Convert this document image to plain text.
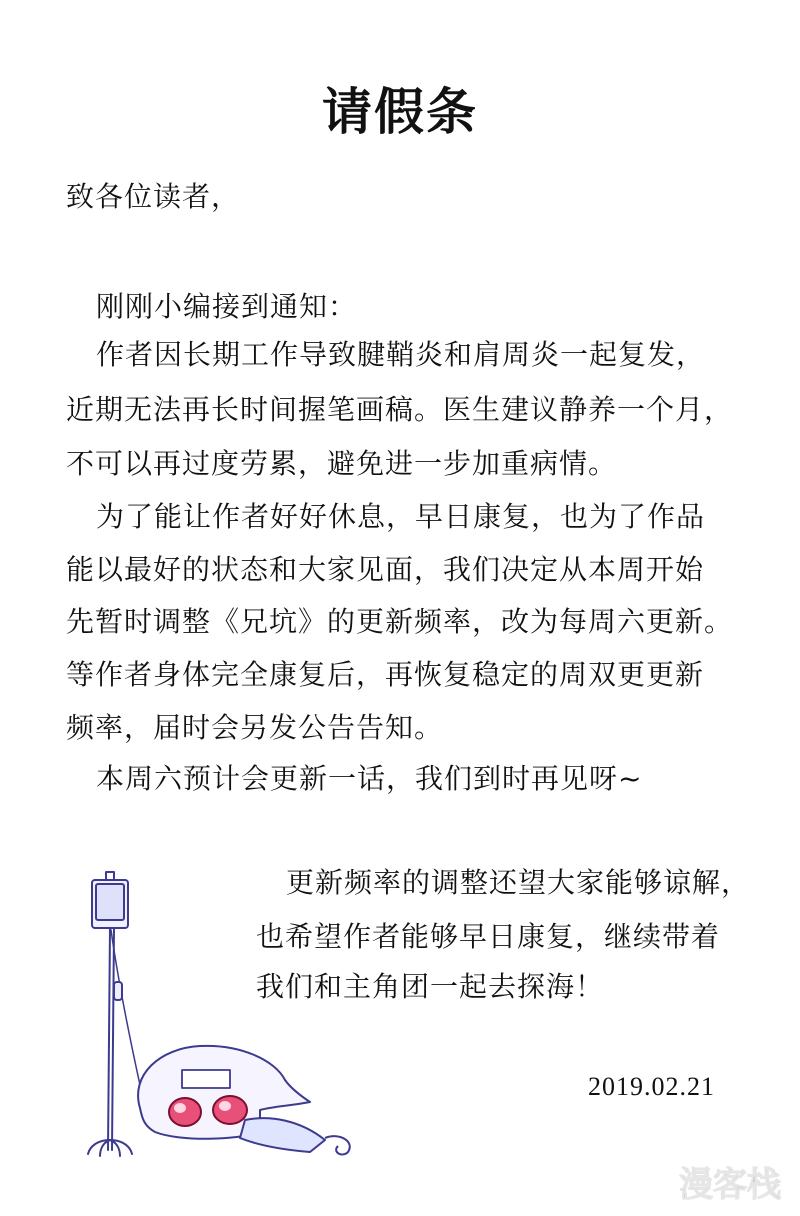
请假条
致各位读者，
刚刚小编接到通知：
作者因长期工作导致腱鞘炎和肩周炎一起复发，
近期无法再长时间握笔画稿。医生建议静养一个月，
不可以再过度劳累，避免进一步加重病情。
为了能让作者好好休息，早日康复，也为了作品
能以最好的状态和大家见面，我们决定从本周开始
先暂时调整《兄坑》的更新频率，改为每周六更新。
等作者身体完全康复后，再恢复稳定的周双更更新
频率，届时会另发公告告知。
本周六预计会更新一话，我们到时再见呀~
更新频率的调整还望大家能够谅解，
也希望作者能够早日康复，继续带着
我们和主角团一起去探海！
2019.02.21
漫客栈
